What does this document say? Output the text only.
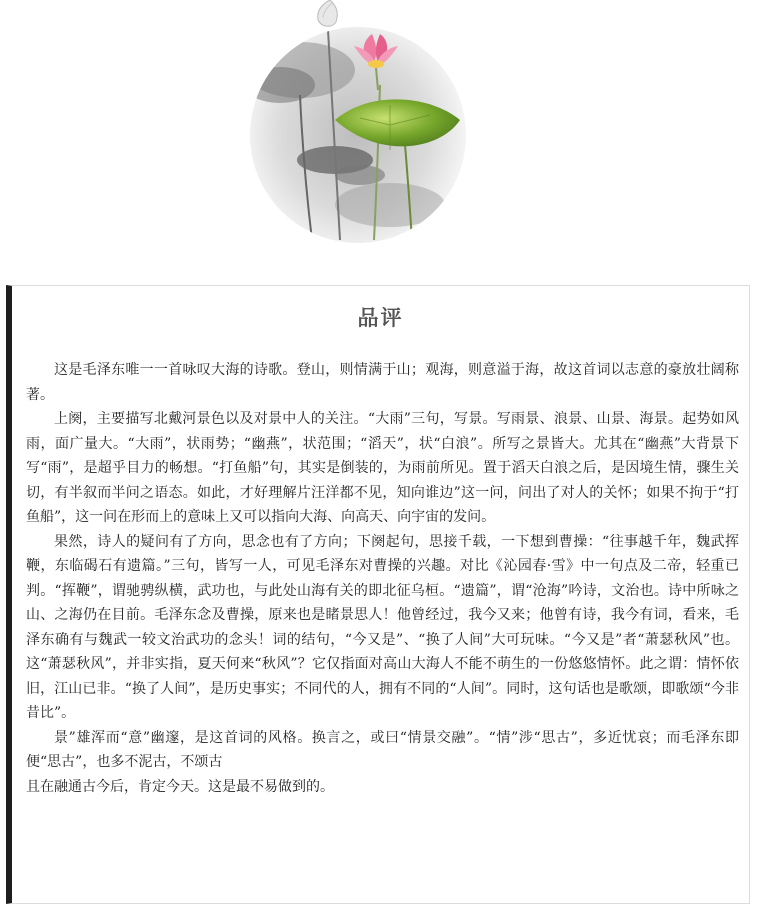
品评

这是毛泽东唯一一首咏叹大海的诗歌。登山，则情满于山；观海，则意溢于海，故这首词以志意的豪放壮阔称著。

上阕，主要描写北戴河景色以及对景中人的关注。“大雨”三句，写景。写雨景、浪景、山景、海景。起势如风雨，面广量大。“大雨”，状雨势；“幽燕”，状范围；“滔天”，状“白浪”。所写之景皆大。尤其在“幽燕”大背景下写“雨”，是超乎目力的畅想。“打鱼船”句，其实是倒装的，为雨前所见。置于滔天白浪之后，是因境生情，骤生关切，有半叙而半问之语态。如此，才好理解片汪洋都不见，知向谁边”这一问，问出了对人的关怀；如果不拘于“打鱼船”，这一问在形而上的意味上又可以指向大海、向高天、向宇宙的发问。

果然，诗人的疑问有了方向，思念也有了方向；下阕起句，思接千载，一下想到曹操：“往事越千年，魏武挥鞭，东临碣石有遗篇。”三句，皆写一人，可见毛泽东对曹操的兴趣。对比《沁园春·雪》中一句点及二帝，轻重已判。“挥鞭”，谓驰骋纵横，武功也，与此处山海有关的即北征乌桓。“遗篇”，谓“沧海”吟诗，文治也。诗中所咏之山、之海仍在目前。毛泽东念及曹操，原来也是睹景思人！他曾经过，我今又来；他曾有诗，我今有词，看来，毛泽东确有与魏武一较文治武功的念头！词的结句，“今又是”、“换了人间”大可玩味。“今又是”者“萧瑟秋风”也。这“萧瑟秋风”，并非实指，夏天何来“秋风”？它仅指面对高山大海人不能不萌生的一份悠悠情怀。此之谓：情怀依旧，江山已非。“换了人间”，是历史事实；不同代的人，拥有不同的“人间”。同时，这句话也是歌颂，即歌颂“今非昔比”。

景”雄浑而“意”幽邃，是这首词的风格。换言之，或曰“情景交融”。“情”涉“思古”，多近忧哀；而毛泽东即便“思古”，也多不泥古，不颂古

且在融通古今后，肯定今天。这是最不易做到的。
